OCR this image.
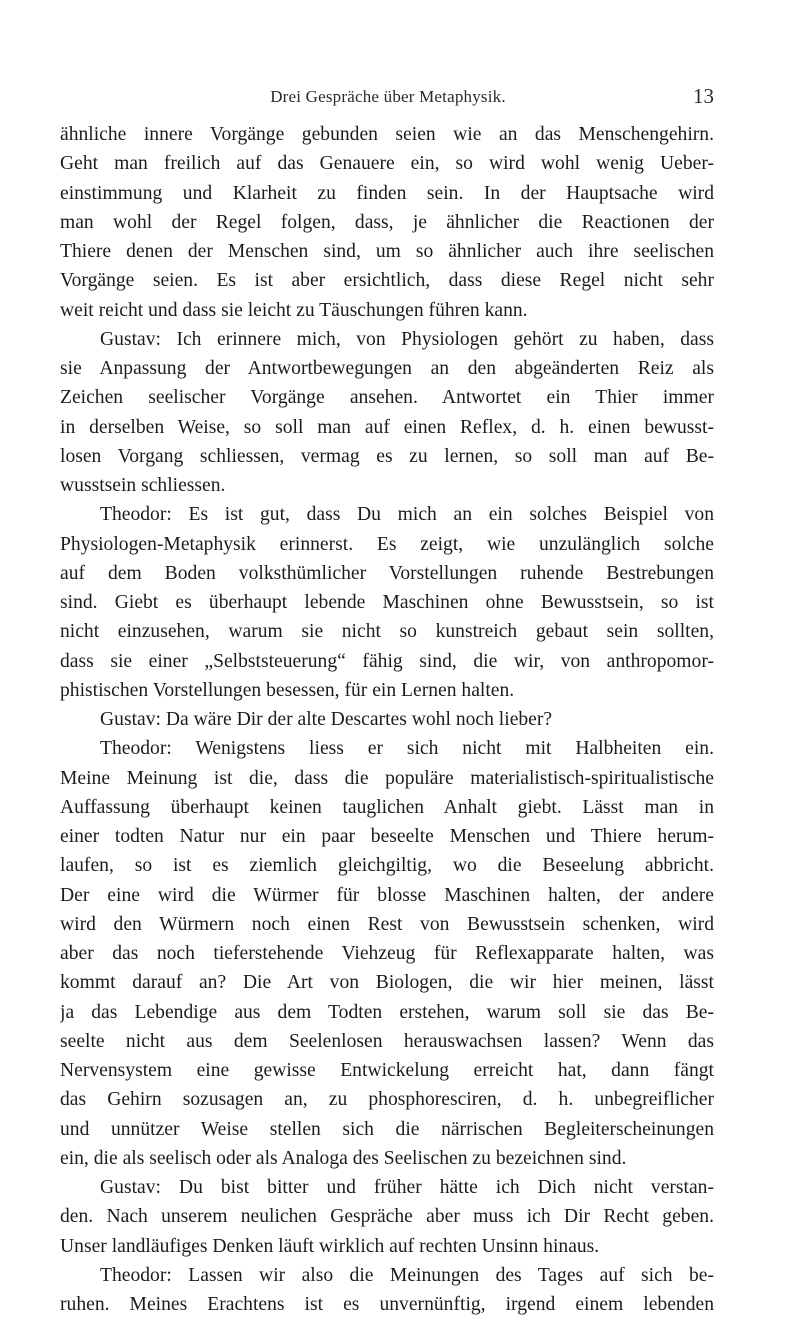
Drei Gespräche über Metaphysik.	13
ähnliche innere Vorgänge gebunden seien wie an das Menschengehirn.
Geht man freilich auf das Genauere ein, so wird wohl wenig Ueber-
einstimmung und Klarheit zu finden sein. In der Hauptsache wird
man wohl der Regel folgen, dass, je ähnlicher die Reactionen der
Thiere denen der Menschen sind, um so ähnlicher auch ihre seelischen
Vorgänge seien. Es ist aber ersichtlich, dass diese Regel nicht sehr
weit reicht und dass sie leicht zu Täuschungen führen kann.
Gustav: Ich erinnere mich, von Physiologen gehört zu haben, dass
sie Anpassung der Antwortbewegungen an den abgeänderten Reiz als
Zeichen seelischer Vorgänge ansehen. Antwortet ein Thier immer
in derselben Weise, so soll man auf einen Reflex, d. h. einen bewusst-
losen Vorgang schliessen, vermag es zu lernen, so soll man auf Be-
wusstsein schliessen.
Theodor: Es ist gut, dass Du mich an ein solches Beispiel von
Physiologen-Metaphysik erinnerst. Es zeigt, wie unzulänglich solche
auf dem Boden volksthümlicher Vorstellungen ruhende Bestrebungen
sind. Giebt es überhaupt lebende Maschinen ohne Bewusstsein, so ist
nicht einzusehen, warum sie nicht so kunstreich gebaut sein sollten,
dass sie einer „Selbststeuerung“ fähig sind, die wir, von anthropomor-
phistischen Vorstellungen besessen, für ein Lernen halten.
Gustav: Da wäre Dir der alte Descartes wohl noch lieber?
Theodor: Wenigstens liess er sich nicht mit Halbheiten ein.
Meine Meinung ist die, dass die populäre materialistisch-spiritualistische
Auffassung überhaupt keinen tauglichen Anhalt giebt. Lässt man in
einer todten Natur nur ein paar beseelte Menschen und Thiere herum-
laufen, so ist es ziemlich gleichgiltig, wo die Beseelung abbricht.
Der eine wird die Würmer für blosse Maschinen halten, der andere
wird den Würmern noch einen Rest von Bewusstsein schenken, wird
aber das noch tieferstehende Viehzeug für Reflexapparate halten, was
kommt darauf an? Die Art von Biologen, die wir hier meinen, lässt
ja das Lebendige aus dem Todten erstehen, warum soll sie das Be-
seelte nicht aus dem Seelenlosen herauswachsen lassen? Wenn das
Nervensystem eine gewisse Entwickelung erreicht hat, dann fängt
das Gehirn sozusagen an, zu phosphoresciren, d. h. unbegreiflicher
und unnützer Weise stellen sich die närrischen Begleiterscheinungen
ein, die als seelisch oder als Analoga des Seelischen zu bezeichnen sind.
Gustav: Du bist bitter und früher hätte ich Dich nicht verstan-
den. Nach unserem neulichen Gespräche aber muss ich Dir Recht geben.
Unser landläufiges Denken läuft wirklich auf rechten Unsinn hinaus.
Theodor: Lassen wir also die Meinungen des Tages auf sich be-
ruhen. Meines Erachtens ist es unvernünftig, irgend einem lebenden
